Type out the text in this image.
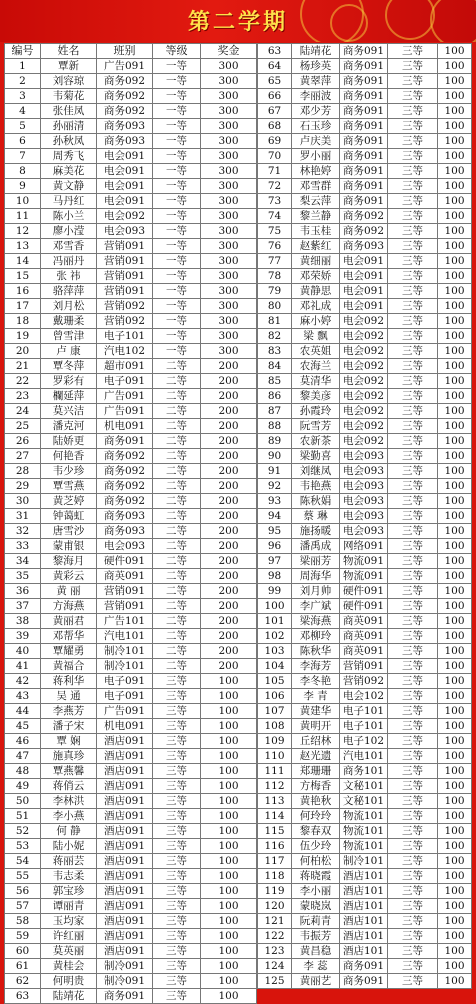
第二学期
编号	姓名	班别	等级	奖金
1	覃新	广告091	一等	300
2	刘容琼	商务092	一等	300
3	韦菊花	商务092	一等	300
4	张佳凤	商务092	一等	300
5	孙丽清	商务093	一等	300
6	孙秋凤	商务093	一等	300
7	周秀飞	电会091	一等	300
8	麻美花	电会091	一等	300
9	黄文静	电会091	一等	300
10	马丹红	电会091	一等	300
11	陈小兰	电会092	一等	300
12	廖小滢	电会093	一等	300
13	邓雪香	营销091	一等	300
14	冯丽丹	营销091	一等	300
15	张 祎	营销091	一等	300
16	骆萍萍	营销091	一等	300
17	刘月松	营销092	一等	300
18	戴珊柔	营销092	一等	300
19	曾雪津	电子101	一等	300
20	卢 康	汽电102	一等	300
21	覃冬萍	超市091	二等	200
22	罗彩有	电子091	二等	200
23	欄延萍	广告091	二等	200
24	莫兴洁	广告091	二等	200
25	潘克河	机电091	二等	200
26	陆娇更	商务091	二等	200
27	何艳香	商务092	二等	200
28	韦少珍	商务092	二等	200
29	覃雪燕	商务092	二等	200
30	黄芝婷	商务092	二等	200
31	钟蔼虹	商务093	二等	200
32	唐雪沙	商务093	二等	200
33	蒙甫银	电会093	二等	200
34	黎海月	硬件091	二等	200
35	黄彩云	商英091	二等	200
36	黄 丽	营销091	二等	200
37	方海燕	营销091	二等	200
38	黄丽君	广告101	二等	200
39	邓帮华	汽电101	二等	200
40	覃耀勇	制冷101	二等	200
41	黄福合	制冷101	二等	200
42	蒋利华	电子091	三等	100
43	吴 通	电子091	三等	100
44	李燕芳	广告091	三等	100
45	潘子宋	机电091	三等	100
46	覃 娴	酒店091	三等	100
47	施真珍	酒店091	三等	100
48	覃燕馨	酒店091	三等	100
49	蒋俏云	酒店091	三等	100
50	李林洪	酒店091	三等	100
51	李小燕	酒店091	三等	100
52	何 静	酒店091	三等	100
53	陆小妮	酒店091	三等	100
54	蒋丽芸	酒店091	三等	100
55	韦志柔	酒店091	三等	100
56	郭宝珍	酒店091	三等	100
57	谭丽青	酒店091	三等	100
58	玉均家	酒店091	三等	100
59	许红丽	酒店091	三等	100
60	莫英丽	酒店091	三等	100
61	黄桂会	制冷091	三等	100
62	何明贵	制冷091	三等	100
63	陆靖花	商务091	三等	100
63	陆靖花	商务091	三等	100
64	杨珍英	商务091	三等	100
65	黄翠萍	商务091	三等	100
66	李丽波	商务091	三等	100
67	邓少芳	商务091	三等	100
68	石玉珍	商务091	三等	100
69	卢庆美	商务091	三等	100
70	罗小丽	商务091	三等	100
71	林艳婷	商务091	三等	100
72	邓雪群	商务091	三等	100
73	梨云萍	商务091	三等	100
74	黎兰静	商务092	三等	100
75	韦玉桂	商务092	三等	100
76	赵紫红	商务093	三等	100
77	黄细丽	电会091	三等	100
78	邓荣娇	电会091	三等	100
79	黄静思	电会091	三等	100
80	邓礼成	电会091	三等	100
81	麻小婷	电会092	三等	100
82	梁 飘	电会092	三等	100
83	农英姐	电会092	三等	100
84	农海兰	电会092	三等	100
85	莫清华	电会092	三等	100
86	黎美彦	电会092	三等	100
87	孙霞玲	电会092	三等	100
88	阮雪芳	电会092	三等	100
89	农新茶	电会092	三等	100
90	梁勤喜	电会093	三等	100
91	刘继凤	电会093	三等	100
92	韦艳燕	电会093	三等	100
93	陈秋娟	电会093	三等	100
94	蔡 琳	电会093	三等	100
95	施扬暖	电会093	三等	100
96	潘禹成	网络091	三等	100
97	梁丽芳	物流091	三等	100
98	周海华	物流091	三等	100
99	刘月帅	硬件091	三等	100
100	李广斌	硬件091	三等	100
101	梁海燕	商英091	三等	100
102	邓柳玲	商英091	三等	100
103	陈秋华	商英091	三等	100
104	李海芳	营销091	三等	100
105	李冬艳	营销092	三等	100
106	李 青	电会102	三等	100
107	黄建华	电子101	三等	100
108	黄明开	电子101	三等	100
109	丘绍林	电子102	三等	100
110	赵光遗	汽电101	三等	100
111	郑珊珊	商务101	三等	100
112	方梅香	文秘101	三等	100
113	黄艳秋	文秘101	三等	100
114	何玲玲	物流101	三等	100
115	黎春双	物流101	三等	100
116	伍少玲	物流101	三等	100
117	何柏松	制冷101	三等	100
118	蒋晓霞	酒店101	三等	100
119	李小丽	酒店101	三等	100
120	蒙晓岚	酒店101	三等	100
121	阮莉青	酒店101	三等	100
122	韦振芳	酒店101	三等	100
123	黄昌稳	酒店101	三等	100
124	李 蕊	商务091	三等	100
125	黄丽艺	商务091	三等	100
